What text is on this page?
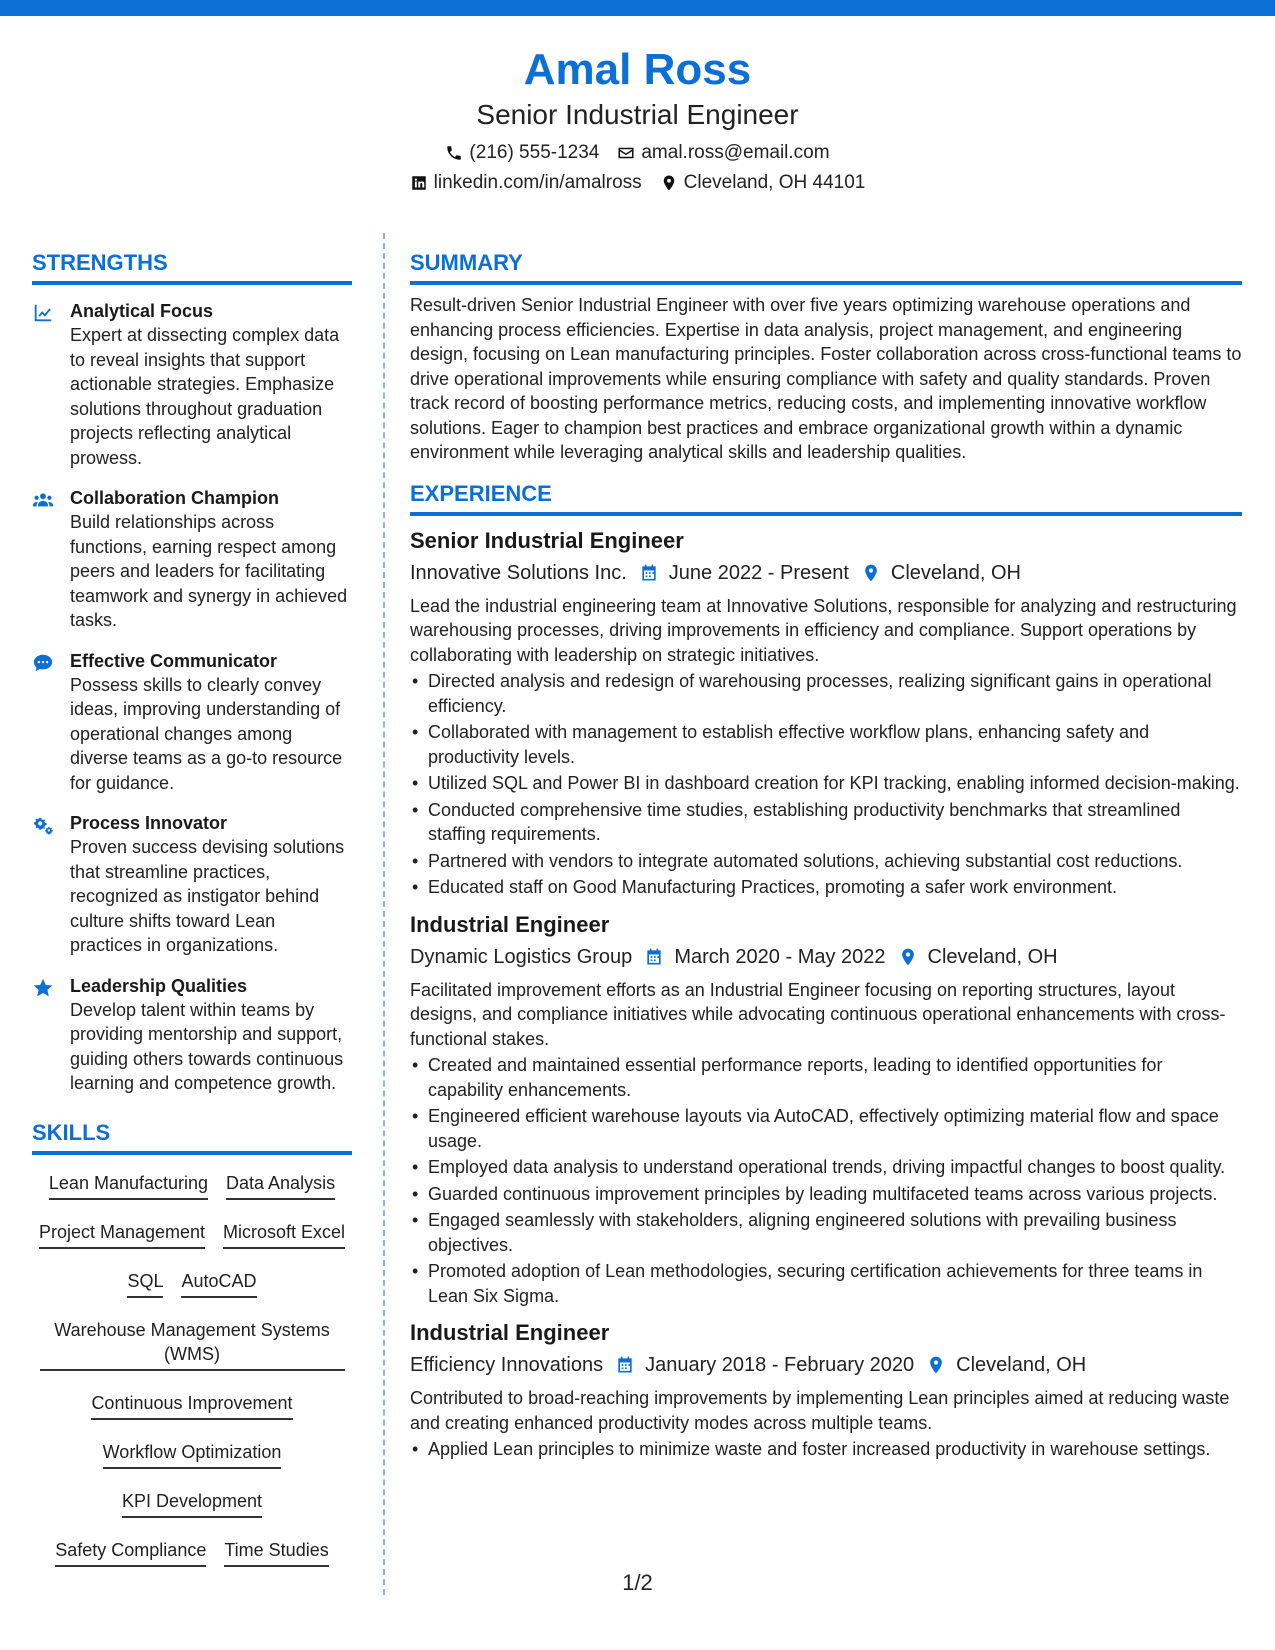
Amal Ross
Senior Industrial Engineer
(216) 555-1234 amal.ross@email.com
linkedin.com/in/amalross Cleveland, OH 44101
STRENGTHS
Analytical Focus
Expert at dissecting complex data to reveal insights that support actionable strategies. Emphasize solutions throughout graduation projects reflecting analytical prowess.
Collaboration Champion
Build relationships across functions, earning respect among peers and leaders for facilitating teamwork and synergy in achieved tasks.
Effective Communicator
Possess skills to clearly convey ideas, improving understanding of operational changes among diverse teams as a go-to resource for guidance.
Process Innovator
Proven success devising solutions that streamline practices, recognized as instigator behind culture shifts toward Lean practices in organizations.
Leadership Qualities
Develop talent within teams by providing mentorship and support, guiding others towards continuous learning and competence growth.
SKILLS
Lean Manufacturing Data Analysis
Project Management Microsoft Excel
SQL AutoCAD
Warehouse Management Systems (WMS)
Continuous Improvement
Workflow Optimization
KPI Development
Safety Compliance Time Studies
SUMMARY
Result-driven Senior Industrial Engineer with over five years optimizing warehouse operations and enhancing process efficiencies. Expertise in data analysis, project management, and engineering design, focusing on Lean manufacturing principles. Foster collaboration across cross-functional teams to drive operational improvements while ensuring compliance with safety and quality standards. Proven track record of boosting performance metrics, reducing costs, and implementing innovative workflow solutions. Eager to champion best practices and embrace organizational growth within a dynamic environment while leveraging analytical skills and leadership qualities.
EXPERIENCE
Senior Industrial Engineer
Innovative Solutions Inc. June 2022 - Present Cleveland, OH
Lead the industrial engineering team at Innovative Solutions, responsible for analyzing and restructuring warehousing processes, driving improvements in efficiency and compliance. Support operations by collaborating with leadership on strategic initiatives.
• Directed analysis and redesign of warehousing processes, realizing significant gains in operational efficiency.
• Collaborated with management to establish effective workflow plans, enhancing safety and productivity levels.
• Utilized SQL and Power BI in dashboard creation for KPI tracking, enabling informed decision-making.
• Conducted comprehensive time studies, establishing productivity benchmarks that streamlined staffing requirements.
• Partnered with vendors to integrate automated solutions, achieving substantial cost reductions.
• Educated staff on Good Manufacturing Practices, promoting a safer work environment.
Industrial Engineer
Dynamic Logistics Group March 2020 - May 2022 Cleveland, OH
Facilitated improvement efforts as an Industrial Engineer focusing on reporting structures, layout designs, and compliance initiatives while advocating continuous operational enhancements with cross-functional stakes.
• Created and maintained essential performance reports, leading to identified opportunities for capability enhancements.
• Engineered efficient warehouse layouts via AutoCAD, effectively optimizing material flow and space usage.
• Employed data analysis to understand operational trends, driving impactful changes to boost quality.
• Guarded continuous improvement principles by leading multifaceted teams across various projects.
• Engaged seamlessly with stakeholders, aligning engineered solutions with prevailing business objectives.
• Promoted adoption of Lean methodologies, securing certification achievements for three teams in Lean Six Sigma.
Industrial Engineer
Efficiency Innovations January 2018 - February 2020 Cleveland, OH
Contributed to broad-reaching improvements by implementing Lean principles aimed at reducing waste and creating enhanced productivity modes across multiple teams.
• Applied Lean principles to minimize waste and foster increased productivity in warehouse settings.
1/2
